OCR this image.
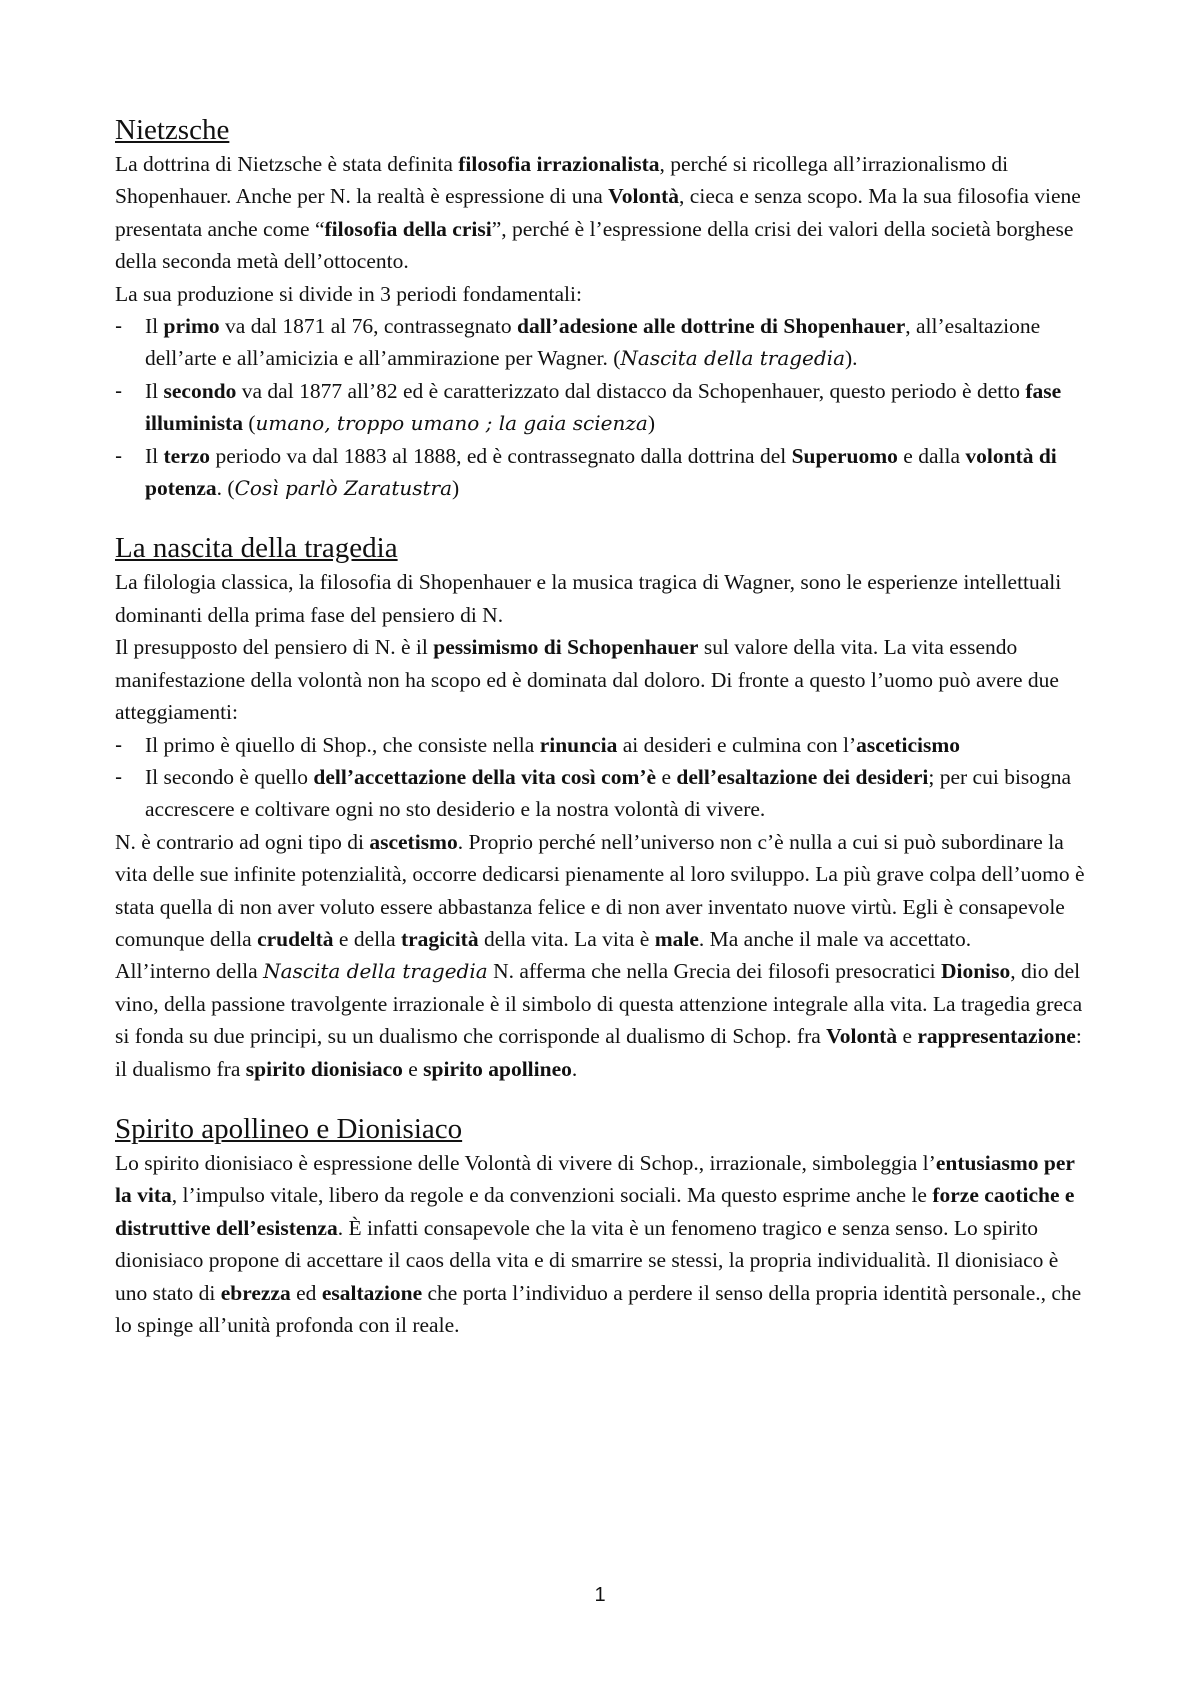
Nietzsche

La dottrina di Nietzsche è stata definita filosofia irrazionalista, perché si ricollega all’irrazionalismo di Shopenhauer. Anche per N. la realtà è espressione di una Volontà, cieca e senza scopo. Ma la sua filosofia viene presentata anche come “filosofia della crisi”, perché è l’espressione della crisi dei valori della società borghese della seconda metà dell’ottocento.

La sua produzione si divide in 3 periodi fondamentali:

- Il primo va dal 1871 al 76, contrassegnato dall’adesione alle dottrine di Shopenhauer, all’esaltazione dell’arte e all’amicizia e all’ammirazione per Wagner. (Nascita della tragedia).
- Il secondo va dal 1877 all’82 ed è caratterizzato dal distacco da Schopenhauer, questo periodo è detto fase illuminista (umano, troppo umano ; la gaia scienza)
- Il terzo periodo va dal 1883 al 1888, ed è contrassegnato dalla dottrina del Superuomo e dalla volontà di potenza. (Così parlò Zaratustra)
La nascita della tragedia

La filologia classica, la filosofia di Shopenhauer e la musica tragica di Wagner, sono le esperienze intellettuali dominanti della prima fase del pensiero di N.

Il presupposto del pensiero di N. è il pessimismo di Schopenhauer sul valore della vita. La vita essendo manifestazione della volontà non ha scopo ed è dominata dal doloro. Di fronte a questo l’uomo può avere due atteggiamenti:

- Il primo è qiuello di Shop., che consiste nella rinuncia ai desideri e culmina con l’asceticismo
- Il secondo è quello dell’accettazione della vita così com’è e dell’esaltazione dei desideri; per cui bisogna accrescere e coltivare ogni no sto desiderio e la nostra volontà di vivere.

N. è contrario ad ogni tipo di ascetismo. Proprio perché nell’universo non c’è nulla a cui si può subordinare la vita delle sue infinite potenzialità, occorre dedicarsi pienamente al loro sviluppo. La più grave colpa dell’uomo è stata quella di non aver voluto essere abbastanza felice e di non aver inventato nuove virtù. Egli è consapevole comunque della crudeltà e della tragicità della vita. La vita è male. Ma anche il male va accettato.

All’interno della Nascita della tragedia N. afferma che nella Grecia dei filosofi presocratici Dioniso, dio del vino, della passione travolgente irrazionale è il simbolo di questa attenzione integrale alla vita. La tragedia greca si fonda su due principi, su un dualismo che corrisponde al dualismo di Schop. fra Volontà e rappresentazione: il dualismo fra spirito dionisiaco e spirito apollineo.

Spirito apollineo e Dionisiaco

Lo spirito dionisiaco è espressione delle Volontà di vivere di Schop., irrazionale, simboleggia l’entusiasmo per la vita, l’impulso vitale, libero da regole e da convenzioni sociali. Ma questo esprime anche le forze caotiche e distruttive dell’esistenza. È infatti consapevole che la vita è un fenomeno tragico e senza senso. Lo spirito dionisiaco propone di accettare il caos della vita e di smarrire se stessi, la propria individualità. Il dionisiaco è uno stato di ebrezza ed esaltazione che porta l’individuo a perdere il senso della propria identità personale., che lo spinge all’unità profonda con il reale.

1
